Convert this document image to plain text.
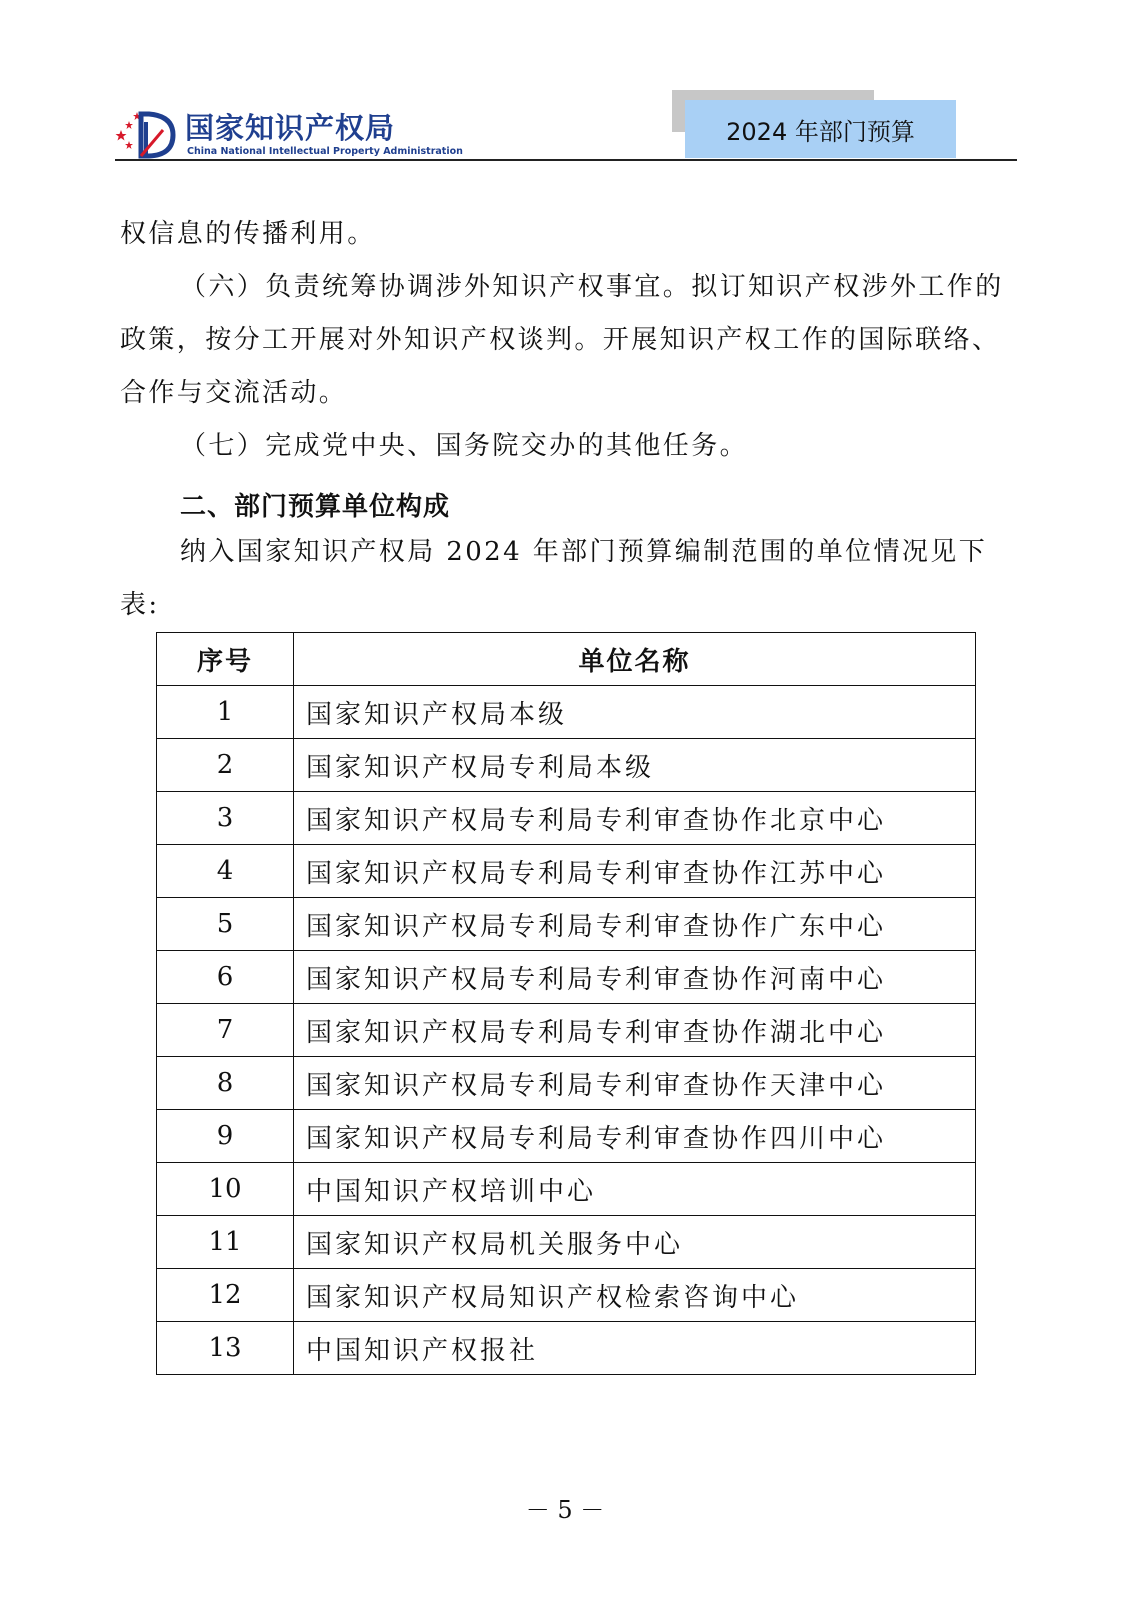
国家知识产权局
China National Intellectual Property Administration
2024 年部门预算
权信息的传播利用。
（六）负责统筹协调涉外知识产权事宜。拟订知识产权涉外工作的政策，按分工开展对外知识产权谈判。开展知识产权工作的国际联络、合作与交流活动。
（七）完成党中央、国务院交办的其他任务。
二、部门预算单位构成
纳入国家知识产权局 2024 年部门预算编制范围的单位情况见下表:
序号	单位名称
1	国家知识产权局本级
2	国家知识产权局专利局本级
3	国家知识产权局专利局专利审查协作北京中心
4	国家知识产权局专利局专利审查协作江苏中心
5	国家知识产权局专利局专利审查协作广东中心
6	国家知识产权局专利局专利审查协作河南中心
7	国家知识产权局专利局专利审查协作湖北中心
8	国家知识产权局专利局专利审查协作天津中心
9	国家知识产权局专利局专利审查协作四川中心
10	中国知识产权培训中心
11	国家知识产权局机关服务中心
12	国家知识产权局知识产权检索咨询中心
13	中国知识产权报社
－ 5 －
